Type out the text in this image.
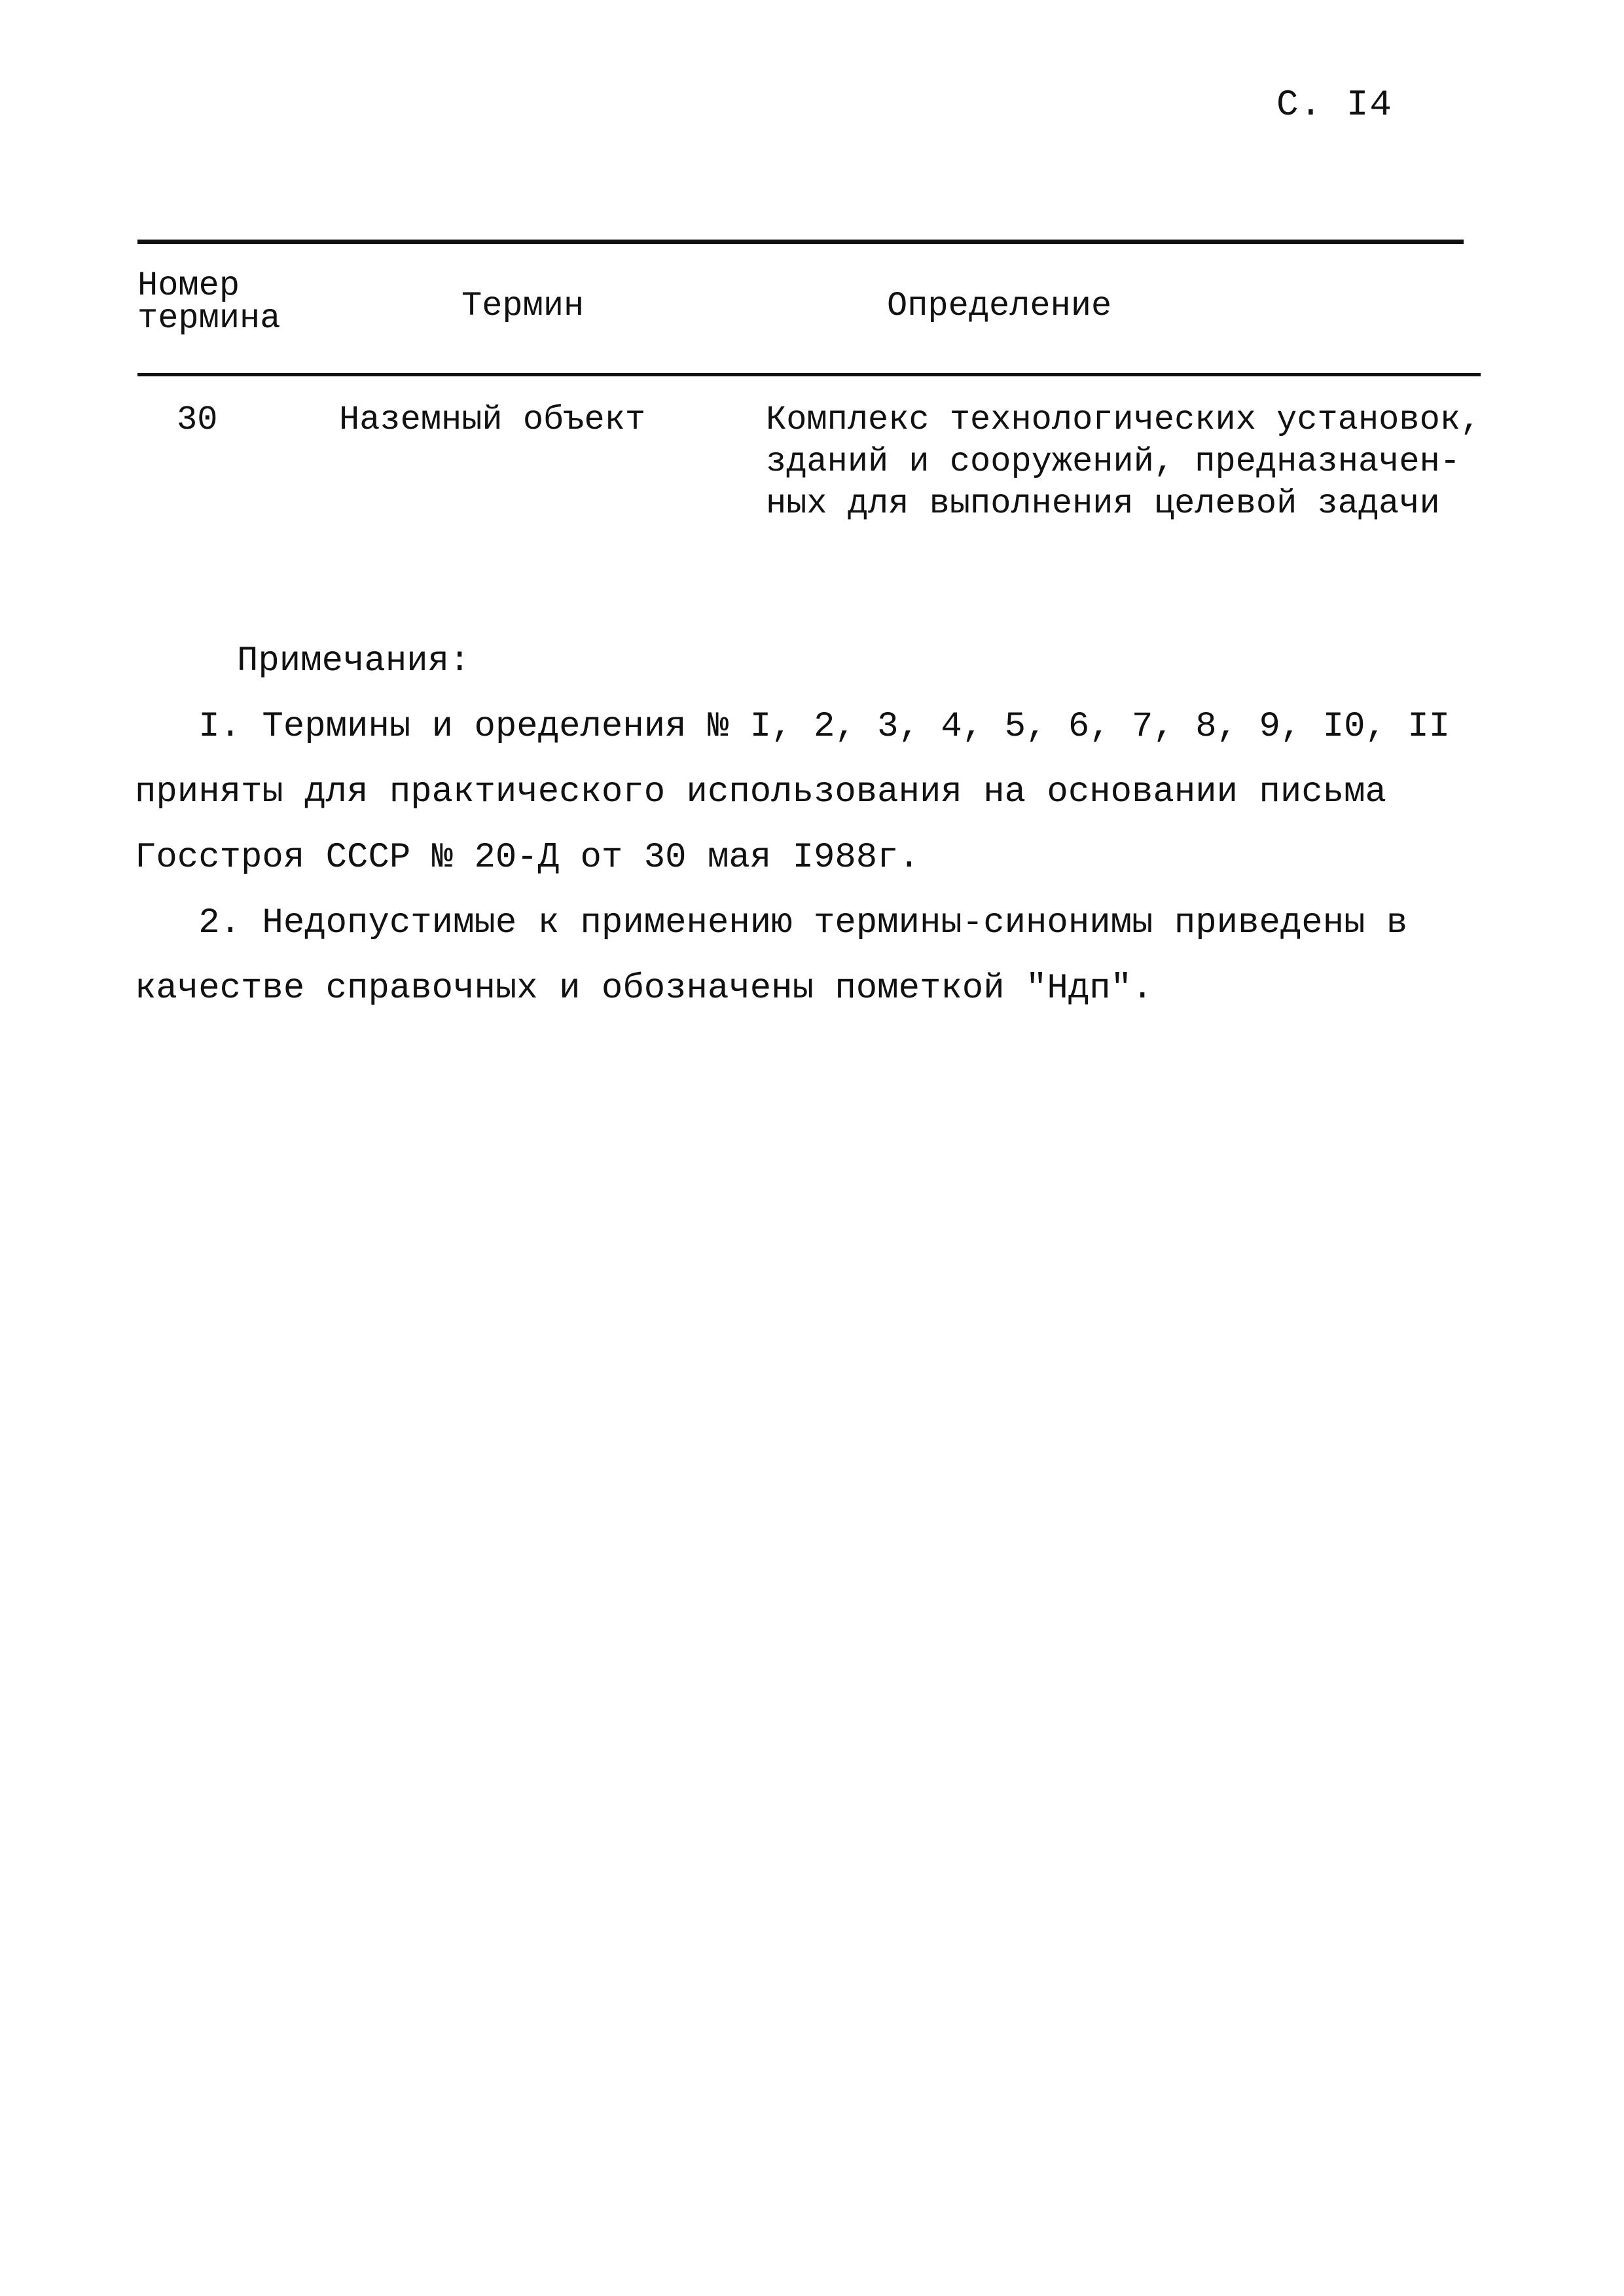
С. I4
Номер
термина	Термин	Определение
30	Наземный объект	Комплекс технологических установок,
зданий и сооружений, предназначен-
ных для выполнения целевой задачи
Примечания:
I. Термины и оределения № I, 2, 3, 4, 5, 6, 7, 8, 9, I0, II
приняты для практического использования на основании письма
Госстроя СССР № 20-Д от 30 мая I988г.
2. Недопустимые к применению термины-синонимы приведены в
качестве справочных и обозначены пометкой "Ндп".
